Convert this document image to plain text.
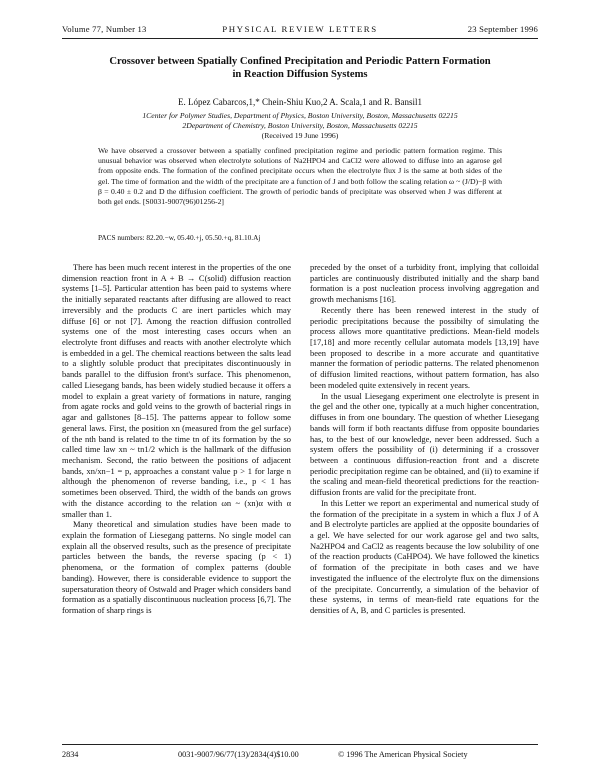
Volume 77, Number 13	PHYSICAL REVIEW LETTERS	23 September 1996
Crossover between Spatially Confined Precipitation and Periodic Pattern Formation
in Reaction Diffusion Systems
E. López Cabarcos,1,* Chein-Shiu Kuo,2 A. Scala,1 and R. Bansil1
1Center for Polymer Studies, Department of Physics, Boston University, Boston, Massachusetts 02215
2Department of Chemistry, Boston University, Boston, Massachusetts 02215
(Received 19 June 1996)
We have observed a crossover between a spatially confined precipitation regime and periodic pattern formation regime. This unusual behavior was observed when electrolyte solutions of Na2HPO4 and CaCl2 were allowed to diffuse into an agarose gel from opposite ends. The formation of the confined precipitate occurs when the electrolyte flux J is the same at both sides of the gel. The time of formation and the width of the precipitate are a function of J and both follow the scaling relation ω ~ (J/D)−β with β = 0.40 ± 0.2 and D the diffusion coefficient. The growth of periodic bands of precipitate was observed when J was different at both gel ends. [S0031-9007(96)01256-2]
PACS numbers: 82.20.−w, 05.40.+j, 05.50.+q, 81.10.Aj

There has been much recent interest in the properties of the one dimension reaction front in A + B → C(solid) diffusion reaction systems [1–5]. Particular attention has been paid to systems where the initially separated reactants after diffusing are allowed to react irreversibly and the products C are inert particles which may diffuse [6] or not [7]. Among the reaction diffusion controlled systems one of the most interesting cases occurs when an electrolyte front diffuses and reacts with another electrolyte which is embedded in a gel. The chemical reactions between the salts lead to a slightly soluble product that precipitates discontinuously in bands parallel to the diffusion front's surface. This phenomenon, called Liesegang bands, has been widely studied because it offers a model to explain a great variety of formations in nature, ranging from agate rocks and gold veins to the growth of bacterial rings in agar and gallstones [8–15]. The patterns appear to follow some general laws. First, the position xn (measured from the gel surface) of the nth band is related to the time tn of its formation by the so called time law xn ~ tn1/2 which is the hallmark of the diffusion mechanism. Second, the ratio between the positions of adjacent bands, xn/xn−1 = p, approaches a constant value p > 1 for large n although the phenomenon of reverse banding, i.e., p < 1 has sometimes been observed. Third, the width of the bands ωn grows with the distance according to the relation ωn ~ (xn)α with α smaller than 1.

Many theoretical and simulation studies have been made to explain the formation of Liesegang patterns. No single model can explain all the observed results, such as the presence of precipitate particles between the bands, the reverse spacing (p < 1) phenomena, or the formation of complex patterns (double banding). However, there is considerable evidence to support the supersaturation theory of Ostwald and Prager which considers band formation as a spatially discontinuous nucleation process [6,7]. The formation of sharp rings is

preceded by the onset of a turbidity front, implying that colloidal particles are continuously distributed initially and the sharp band formation is a post nucleation process involving aggregation and growth mechanisms [16].

Recently there has been renewed interest in the study of periodic precipitations because the possibilty of simulating the process allows more quantitative predictions. Mean-field models [17,18] and more recently cellular automata models [13,19] have been proposed to describe in a more accurate and quantitative manner the formation of periodic patterns. The related phenomenon of diffusion limited reactions, without pattern formation, has also been modeled quite extensively in recent years.

In the usual Liesegang experiment one electrolyte is present in the gel and the other one, typically at a much higher concentration, diffuses in from one boundary. The question of whether Liesegang bands will form if both reactants diffuse from opposite boundaries has, to the best of our knowledge, never been addressed. Such a system offers the possibility of (i) determining if a crossover between a continuous diffusion-reaction front and a discrete periodic precipitation regime can be obtained, and (ii) to examine if the scaling and mean-field theoretical predictions for the reaction-diffusion fronts are valid for the precipitate front.

In this Letter we report an experimental and numerical study of the formation of the precipitate in a system in which a flux J of A and B electrolyte particles are applied at the opposite boundaries of a gel. We have selected for our work agarose gel and two salts, Na2HPO4 and CaCl2 as reagents because the low solubility of one of the reaction products (CaHPO4). We have followed the kinetics of formation of the precipitate in both cases and we have investigated the influence of the electrolyte flux on the dimensions of the precipitate. Concurrently, a simulation of the behavior of these systems, in terms of mean-field rate equations for the densities of A, B, and C particles is presented.

2834	0031-9007/96/77(13)/2834(4)$10.00	© 1996 The American Physical Society
